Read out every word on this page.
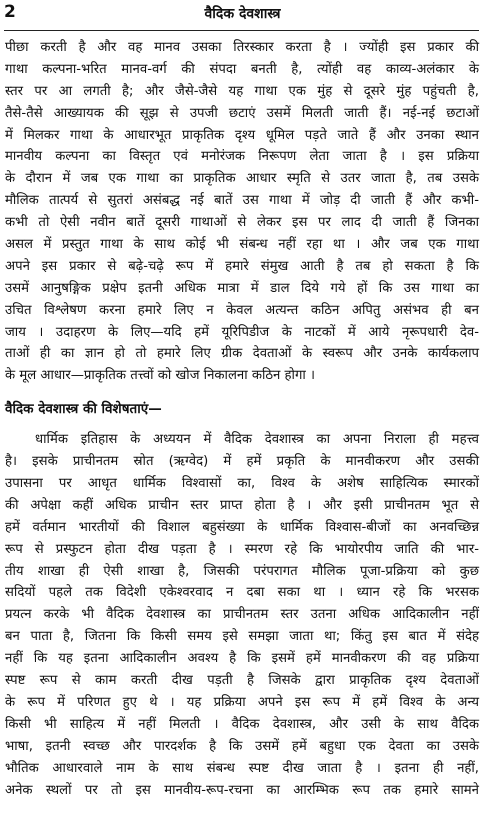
2	वैदिक देवशास्त्र
पीछा करती है और वह मानव उसका तिरस्कार करता है । ज्योंही इस प्रकार की
गाथा कल्पना-भरित मानव-वर्ग की संपदा बनती है, त्योंही वह काव्य-अलंकार के
स्तर पर आ लगती है; और जैसे-जैसे यह गाथा एक मुंह से दूसरे मुंह पहुंचती है,
तैसे-तैसे आख्यायक की सूझ से उपजी छटाएं उसमें मिलती जाती हैं। नई-नई छटाओं
में मिलकर गाथा के आधारभूत प्राकृतिक दृश्य धूमिल पड़ते जाते हैं और उनका स्थान
मानवीय कल्पना का विस्तृत एवं मनोरंजक निरूपण लेता जाता है । इस प्रक्रिया
के दौरान में जब एक गाथा का प्राकृतिक आधार स्मृति से उतर जाता है, तब उसके
मौलिक तात्पर्य से सुतरां असंबद्ध नई बातें उस गाथा में जोड़ दी जाती हैं और कभी-
कभी तो ऐसी नवीन बातें दूसरी गाथाओं से लेकर इस पर लाद दी जाती हैं जिनका
असल में प्रस्तुत गाथा के साथ कोई भी संबन्ध नहीं रहा था । और जब एक गाथा
अपने इस प्रकार से बढ़े-चढ़े रूप में हमारे संमुख आती है तब हो सकता है कि
उसमें आनुषङ्गिक प्रक्षेप इतनी अधिक मात्रा में डाल दिये गये हों कि उस गाथा का
उचित विश्लेषण करना हमारे लिए न केवल अत्यन्त कठिन अपितु असंभव ही बन
जाय । उदाहरण के लिए—यदि हमें यूरिपिडीज के नाटकों में आये नृरूपधारी देव-
ताओं ही का ज्ञान हो तो हमारे लिए ग्रीक देवताओं के स्वरूप और उनके कार्यकलाप
के मूल आधार—प्राकृतिक तत्त्वों को खोज निकालना कठिन होगा ।
वैदिक देवशास्त्र की विशेषताएं—
धार्मिक इतिहास के अध्ययन में वैदिक देवशास्त्र का अपना निराला ही महत्त्व
है। इसके प्राचीनतम स्रोत (ऋग्वेद) में हमें प्रकृति के मानवीकरण और उसकी
उपासना पर आधृत धार्मिक विश्वासों का, विश्व के अशेष साहित्यिक स्मारकों
की अपेक्षा कहीं अधिक प्राचीन स्तर प्राप्त होता है । और इसी प्राचीनतम भूत से
हमें वर्तमान भारतीयों की विशाल बहुसंख्या के धार्मिक विश्वास-बीजों का अनवच्छिन्न
रूप से प्रस्फुटन होता दीख पड़ता है । स्मरण रहे कि भायोरपीय जाति की भार-
तीय शाखा ही ऐसी शाखा है, जिसकी परंपरागत मौलिक पूजा-प्रक्रिया को कुछ
सदियों पहले तक विदेशी एकेश्वरवाद न दबा सका था । ध्यान रहे कि भरसक
प्रयत्न करके भी वैदिक देवशास्त्र का प्राचीनतम स्तर उतना अधिक आदिकालीन नहीं
बन पाता है, जितना कि किसी समय इसे समझा जाता था; किंतु इस बात में संदेह
नहीं कि यह इतना आदिकालीन अवश्य है कि इसमें हमें मानवीकरण की वह प्रक्रिया
स्पष्ट रूप से काम करती दीख पड़ती है जिसके द्वारा प्राकृतिक दृश्य देवताओं
के रूप में परिणत हुए थे । यह प्रक्रिया अपने इस रूप में हमें विश्व के अन्य
किसी भी साहित्य में नहीं मिलती । वैदिक देवशास्त्र, और उसी के साथ वैदिक
भाषा, इतनी स्वच्छ और पारदर्शक है कि उसमें हमें बहुधा एक देवता का उसके
भौतिक आधारवाले नाम के साथ संबन्ध स्पष्ट दीख जाता है । इतना ही नहीं,
अनेक स्थलों पर तो इस मानवीय-रूप-रचना का आरम्भिक रूप तक हमारे सामने
